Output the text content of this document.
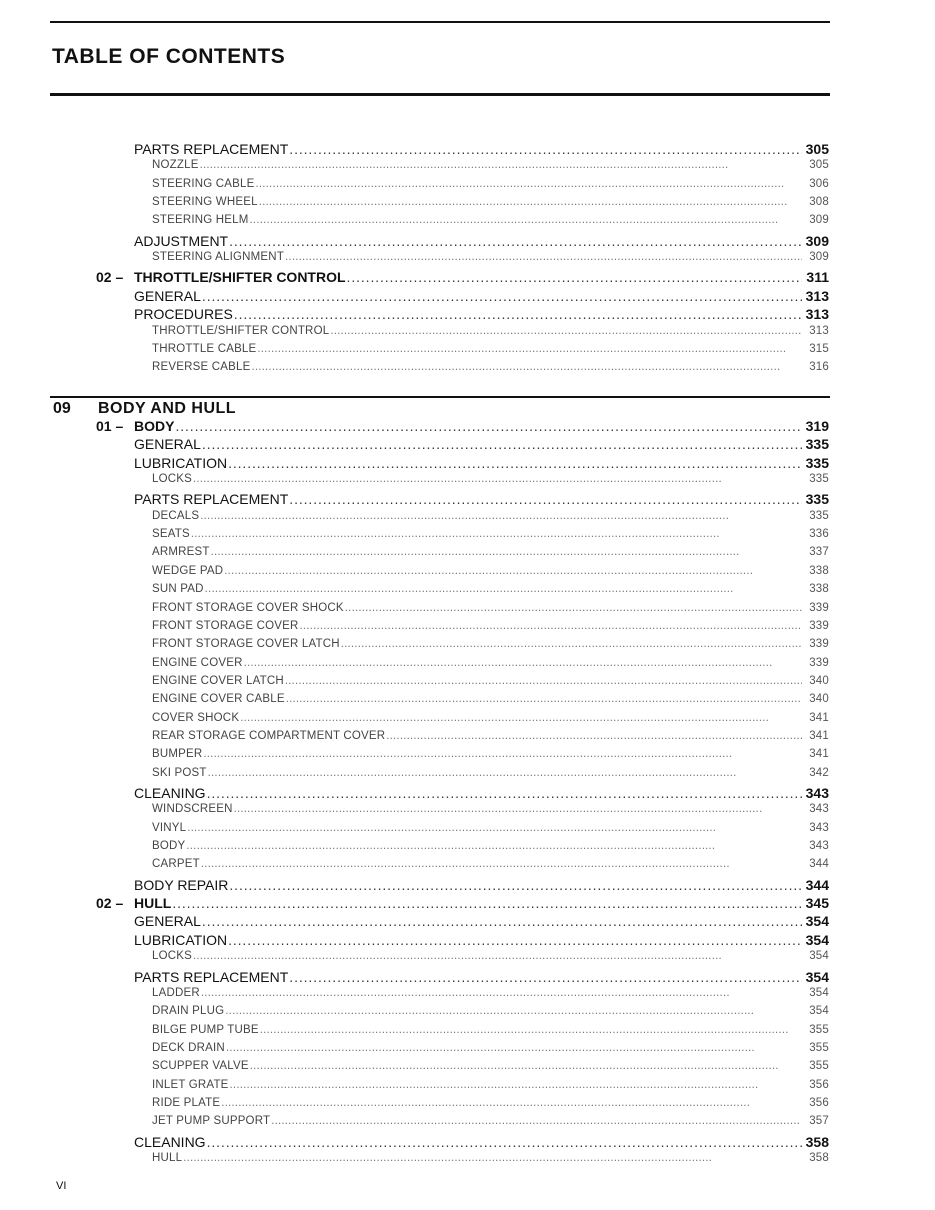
TABLE OF CONTENTS
09 BODY AND HULL
PARTS REPLACEMENT . . .	305
NOZZLE . . .	305
STEERING CABLE . . .	306
STEERING WHEEL . . .	308
STEERING HELM . . .	309
ADJUSTMENT . . .	309
STEERING ALIGNMENT . . .	309
02 – THROTTLE/SHIFTER CONTROL . . .	311
GENERAL . . .	313
PROCEDURES . . .	313
THROTTLE/SHIFTER CONTROL . . .	313
THROTTLE CABLE . . .	315
REVERSE CABLE . . .	316
01 – BODY . . .	319
GENERAL . . .	335
LUBRICATION . . .	335
LOCKS . . .	335
PARTS REPLACEMENT . . .	335
DECALS . . .	335
SEATS . . .	336
ARMREST . . .	337
WEDGE PAD . . .	338
SUN PAD . . .	338
FRONT STORAGE COVER SHOCK . . .	339
FRONT STORAGE COVER . . .	339
FRONT STORAGE COVER LATCH . . .	339
ENGINE COVER . . .	339
ENGINE COVER LATCH . . .	340
ENGINE COVER CABLE . . .	340
COVER SHOCK . . .	341
REAR STORAGE COMPARTMENT COVER . . .	341
BUMPER . . .	341
SKI POST . . .	342
CLEANING . . .	343
WINDSCREEN . . .	343
VINYL . . .	343
BODY . . .	343
CARPET . . .	344
BODY REPAIR . . .	344
02 – HULL . . .	345
GENERAL . . .	354
LUBRICATION . . .	354
LOCKS . . .	354
PARTS REPLACEMENT . . .	354
LADDER . . .	354
DRAIN PLUG . . .	354
BILGE PUMP TUBE . . .	355
DECK DRAIN . . .	355
SCUPPER VALVE . . .	355
INLET GRATE . . .	356
RIDE PLATE . . .	356
JET PUMP SUPPORT . . .	357
CLEANING . . .	358
HULL . . .	358
VI
